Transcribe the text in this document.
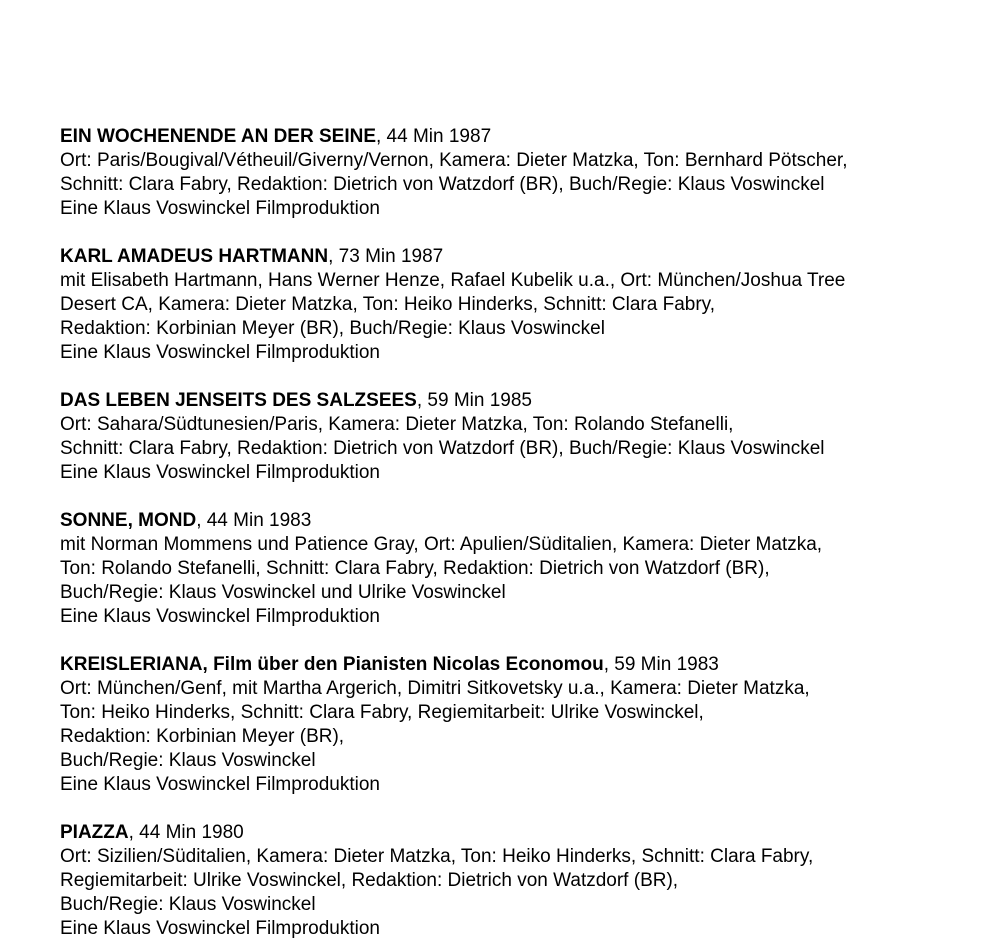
EIN WOCHENENDE AN DER SEINE, 44 Min 1987

Ort: Paris/Bougival/Vétheuil/Giverny/Vernon, Kamera: Dieter Matzka, Ton: Bernhard Pötscher,

Schnitt: Clara Fabry, Redaktion: Dietrich von Watzdorf (BR), Buch/Regie: Klaus Voswinckel

Eine Klaus Voswinckel Filmproduktion

KARL AMADEUS HARTMANN, 73 Min 1987

mit Elisabeth Hartmann, Hans Werner Henze, Rafael Kubelik u.a., Ort: München/Joshua Tree

Desert CA, Kamera: Dieter Matzka, Ton: Heiko Hinderks, Schnitt: Clara Fabry,

Redaktion: Korbinian Meyer (BR), Buch/Regie: Klaus Voswinckel

Eine Klaus Voswinckel Filmproduktion

DAS LEBEN JENSEITS DES SALZSEES, 59 Min 1985

Ort: Sahara/Südtunesien/Paris, Kamera: Dieter Matzka, Ton: Rolando Stefanelli,

Schnitt: Clara Fabry, Redaktion: Dietrich von Watzdorf (BR), Buch/Regie: Klaus Voswinckel

Eine Klaus Voswinckel Filmproduktion

SONNE, MOND, 44 Min 1983

mit Norman Mommens und Patience Gray, Ort: Apulien/Süditalien, Kamera: Dieter Matzka,

Ton: Rolando Stefanelli, Schnitt: Clara Fabry, Redaktion: Dietrich von Watzdorf (BR),

Buch/Regie: Klaus Voswinckel und Ulrike Voswinckel

Eine Klaus Voswinckel Filmproduktion

KREISLERIANA, Film über den Pianisten Nicolas Economou, 59 Min 1983

Ort: München/Genf, mit Martha Argerich, Dimitri Sitkovetsky u.a., Kamera: Dieter Matzka,

Ton: Heiko Hinderks, Schnitt: Clara Fabry, Regiemitarbeit: Ulrike Voswinckel,

Redaktion: Korbinian Meyer (BR),

Buch/Regie: Klaus Voswinckel

Eine Klaus Voswinckel Filmproduktion

PIAZZA, 44 Min 1980

Ort: Sizilien/Süditalien, Kamera: Dieter Matzka, Ton: Heiko Hinderks, Schnitt: Clara Fabry,

Regiemitarbeit: Ulrike Voswinckel, Redaktion: Dietrich von Watzdorf (BR),

Buch/Regie: Klaus Voswinckel

Eine Klaus Voswinckel Filmproduktion
